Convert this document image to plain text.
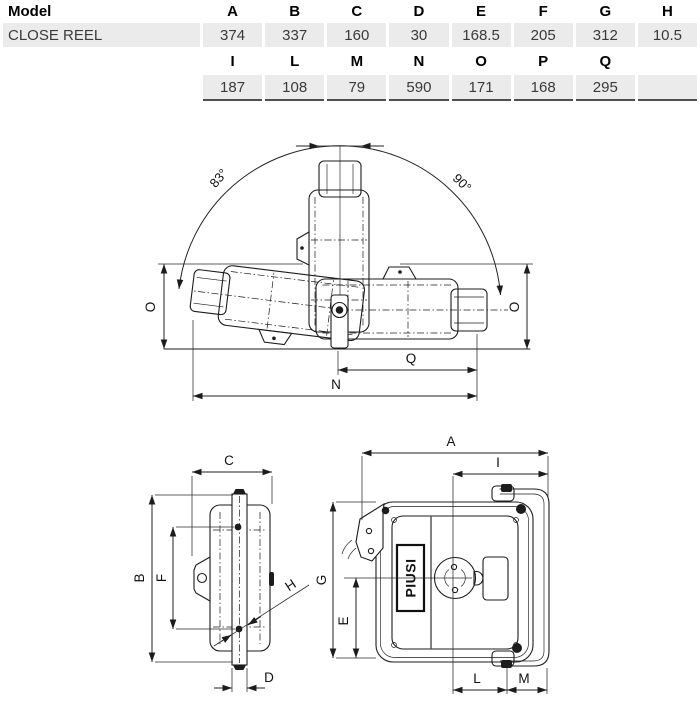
Model	A	B	C	D	E	F	G	H
CLOSE REEL	374	337	160	30	168.5	205	312	10.5
	I	L	M	N	O	P	Q	
	187	108	79	590	171	168	295	
83°	90°
O	O
Q
N
C
B F	H
D
PIUSI
A
I
G
E
L	M
